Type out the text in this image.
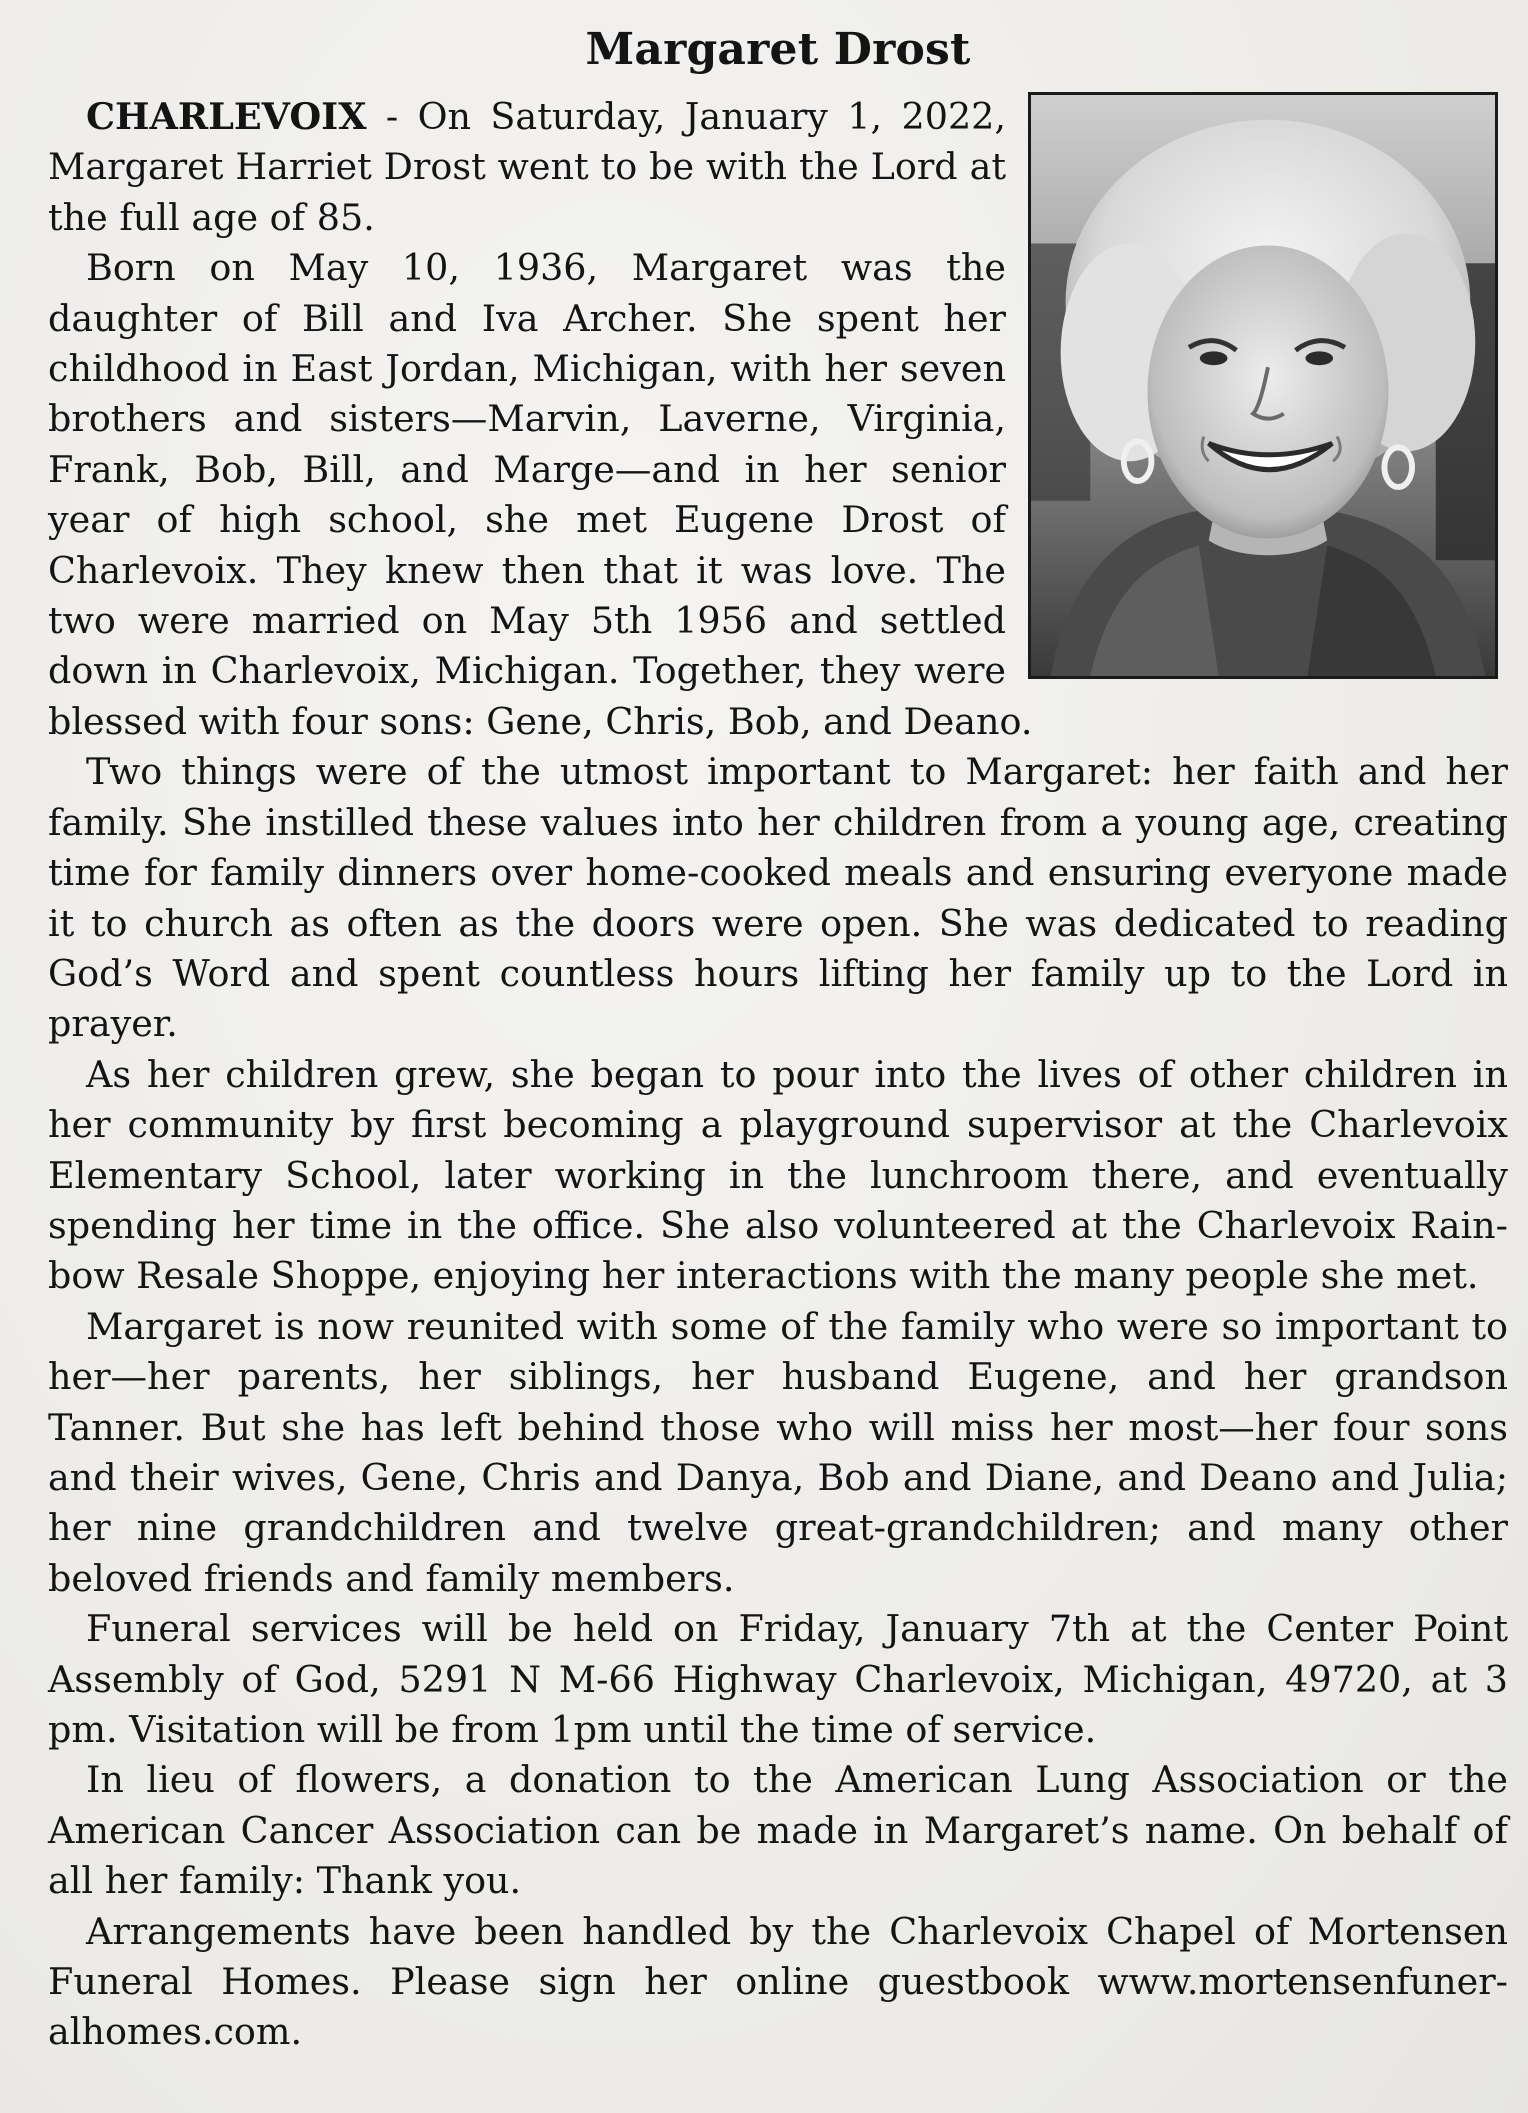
Margaret Drost

CHARLEVOIX - On Saturday, January 1, 2022, Margaret Harriet Drost went to be with the Lord at the full age of 85.

Born on May 10, 1936, Margaret was the daughter of Bill and Iva Archer. She spent her childhood in East Jordan, Michigan, with her seven brothers and sisters—Marvin, Laverne, Virginia, Frank, Bob, Bill, and Marge—and in her senior year of high school, she met Eugene Drost of Charlevoix. They knew then that it was love. The two were married on May 5th 1956 and settled down in Charlevoix, Michigan. Together, they were blessed with four sons: Gene, Chris, Bob, and Deano.

Two things were of the utmost important to Margaret: her faith and her family. She instilled these values into her children from a young age, creating time for family dinners over home-cooked meals and ensuring everyone made it to church as often as the doors were open. She was dedicated to reading God’s Word and spent countless hours lifting her family up to the Lord in prayer.

As her children grew, she began to pour into the lives of other children in her community by first becoming a playground supervisor at the Charlevoix Elementary School, later working in the lunchroom there, and eventually spending her time in the office. She also volunteered at the Charlevoix Rain-bow Resale Shoppe, enjoying her interactions with the many people she met.

Margaret is now reunited with some of the family who were so important to her—her parents, her siblings, her husband Eugene, and her grandson Tanner. But she has left behind those who will miss her most—her four sons and their wives, Gene, Chris and Danya, Bob and Diane, and Deano and Julia; her nine grandchildren and twelve great-grandchildren; and many other beloved friends and family members.

Funeral services will be held on Friday, January 7th at the Center Point Assembly of God, 5291 N M-66 Highway Charlevoix, Michigan, 49720, at 3 pm. Visitation will be from 1pm until the time of service.

In lieu of flowers, a donation to the American Lung Association or the American Cancer Association can be made in Margaret’s name. On behalf of all her family: Thank you.

Arrangements have been handled by the Charlevoix Chapel of Mortensen Funeral Homes. Please sign her online guestbook www.mortensenfuner-alhomes.com.
